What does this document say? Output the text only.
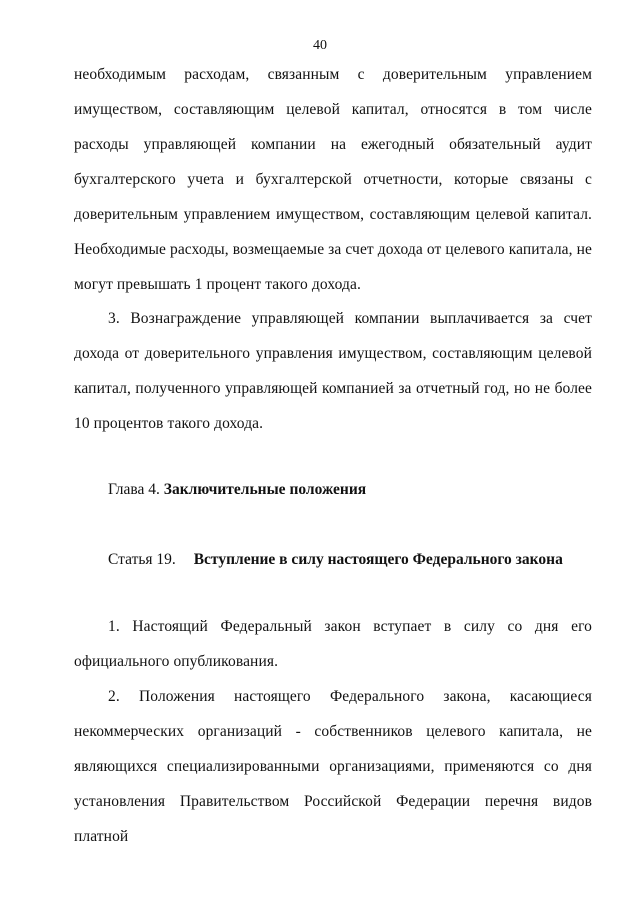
40

необходимым расходам, связанным с доверительным управлением имуществом, составляющим целевой капитал, относятся в том числе расходы управляющей компании на ежегодный обязательный аудит бухгалтерского учета и бухгалтерской отчетности, которые связаны с доверительным управлением имуществом, составляющим целевой капитал. Необходимые расходы, возмещаемые за счет дохода от целевого капитала, не могут превышать 1 процент такого дохода.

3. Вознаграждение управляющей компании выплачивается за счет дохода от доверительного управления имуществом, составляющим целевой капитал, полученного управляющей компанией за отчетный год, но не более 10 процентов такого дохода.

Глава 4. Заключительные положения
Статья 19. Вступление в силу настоящего Федерального закона

1. Настоящий Федеральный закон вступает в силу со дня его официального опубликования.

2. Положения настоящего Федерального закона, касающиеся некоммерческих организаций - собственников целевого капитала, не являющихся специализированными организациями, применяются со дня установления Правительством Российской Федерации перечня видов платной
